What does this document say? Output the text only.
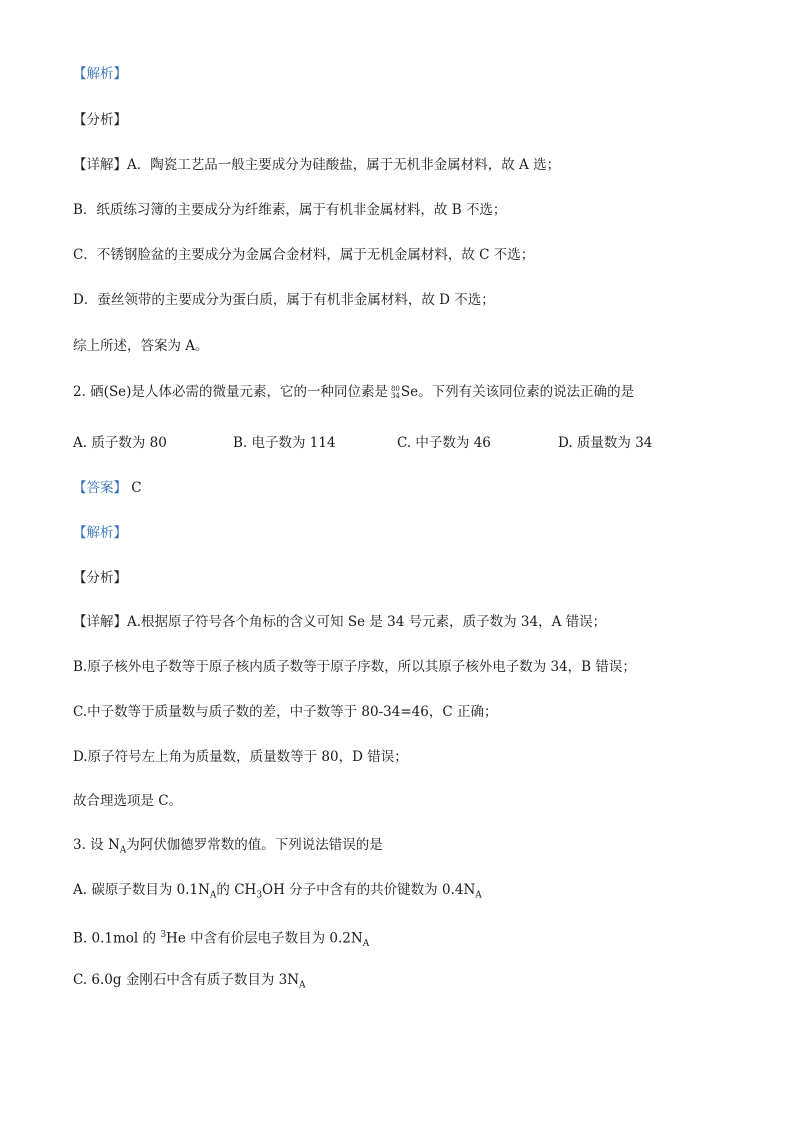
【解析】
【分析】
【详解】A．陶瓷工艺品一般主要成分为硅酸盐，属于无机非金属材料，故 A 选；
B．纸质练习簿的主要成分为纤维素，属于有机非金属材料，故 B 不选；
C．不锈钢脸盆的主要成分为金属合金材料，属于无机金属材料，故 C 不选；
D．蚕丝领带的主要成分为蛋白质，属于有机非金属材料，故 D 不选；
综上所述，答案为 A。
2. 硒(Se)是人体必需的微量元素，它的一种同位素是 80
34 Se。下列有关该同位素的说法正确的是
A. 质子数为 80	B. 电子数为 114	C. 中子数为 46	D. 质量数为 34
【答案】 C
【解析】
【分析】
【详解】A.根据原子符号各个角标的含义可知 Se 是 34 号元素，质子数为 34，A 错误；
B.原子核外电子数等于原子核内质子数等于原子序数，所以其原子核外电子数为 34，B 错误；
C.中子数等于质量数与质子数的差，中子数等于 80-34=46，C 正确；
D.原子符号左上角为质量数，质量数等于 80，D 错误；
故合理选项是 C。
3. 设 $N_A$为阿伏伽德罗常数的值。下列说法错误的是
A. 碳原子数目为 $0.1N_A$的 $CH_3OH$ 分子中含有的共价键数为 $0.4N_A$
B. 0.1mol 的 $^3$He 中含有价层电子数目为 $0.2N_A$
C. 6.0g 金刚石中含有质子数目为 $3N_A$
